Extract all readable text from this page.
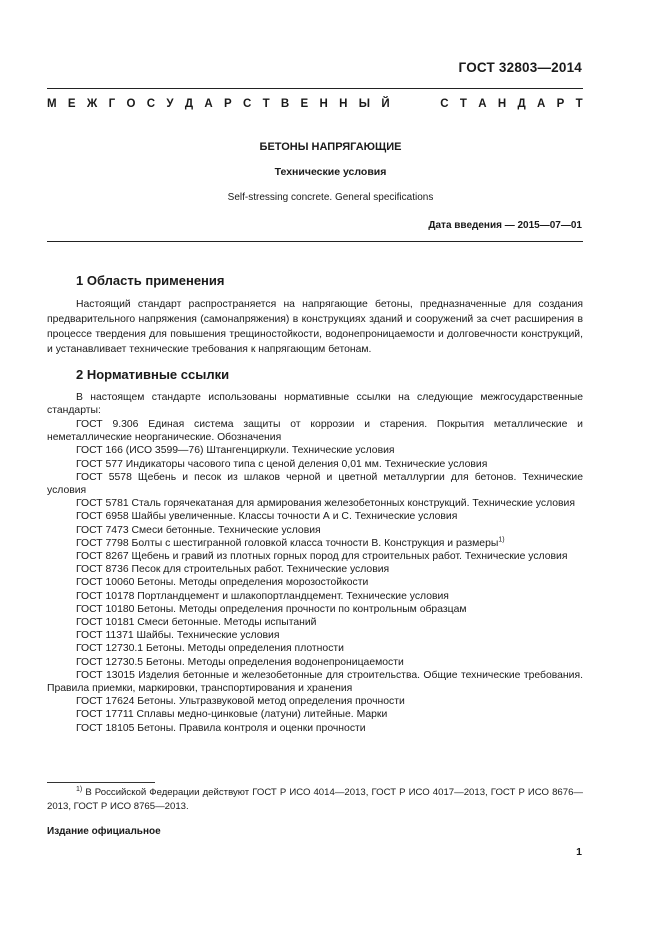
ГОСТ 32803—2014
М Е Ж Г О С У Д А Р С Т В Е Н Н Ы Й	С Т А Н Д А Р Т
БЕТОНЫ НАПРЯГАЮЩИЕ
Технические условия
Self-stressing concrete. General specifications
Дата введения — 2015—07—01
1 Область применения

Настоящий стандарт распространяется на напрягающие бетоны, предназначенные для создания предварительного напряжения (самонапряжения) в конструкциях зданий и сооружений за счет расширения в процессе твердения для повышения трещиностойкости, водонепроницаемости и долговечности конструкций, и устанавливает технические требования к напрягающим бетонам.

2 Нормативные ссылки

В настоящем стандарте использованы нормативные ссылки на следующие межгосударственные стандарты:

ГОСТ 9.306 Единая система защиты от коррозии и старения. Покрытия металлические и неметаллические неорганические. Обозначения
ГОСТ 166 (ИСО 3599—76) Штангенциркули. Технические условия
ГОСТ 577 Индикаторы часового типа с ценой деления 0,01 мм. Технические условия
ГОСТ 5578 Щебень и песок из шлаков черной и цветной металлургии для бетонов. Технические условия
ГОСТ 5781 Сталь горячекатаная для армирования железобетонных конструкций. Технические условия
ГОСТ 6958 Шайбы увеличенные. Классы точности А и С. Технические условия
ГОСТ 7473 Смеси бетонные. Технические условия
ГОСТ 7798 Болты с шестигранной головкой класса точности В. Конструкция и размеры$^{1)}$
ГОСТ 8267 Щебень и гравий из плотных горных пород для строительных работ. Технические условия
ГОСТ 8736 Песок для строительных работ. Технические условия
ГОСТ 10060 Бетоны. Методы определения морозостойкости
ГОСТ 10178 Портландцемент и шлакопортландцемент. Технические условия
ГОСТ 10180 Бетоны. Методы определения прочности по контрольным образцам
ГОСТ 10181 Смеси бетонные. Методы испытаний
ГОСТ 11371 Шайбы. Технические условия
ГОСТ 12730.1 Бетоны. Методы определения плотности
ГОСТ 12730.5 Бетоны. Методы определения водонепроницаемости
ГОСТ 13015 Изделия бетонные и железобетонные для строительства. Общие технические требования. Правила приемки, маркировки, транспортирования и хранения
ГОСТ 17624 Бетоны. Ультразвуковой метод определения прочности
ГОСТ 17711 Сплавы медно-цинковые (латуни) литейные. Марки
ГОСТ 18105 Бетоны. Правила контроля и оценки прочности

$^{1)}$ В Российской Федерации действуют ГОСТ Р ИСО 4014—2013, ГОСТ Р ИСО 4017—2013, ГОСТ Р ИСО 8676—2013, ГОСТ Р ИСО 8765—2013.

Издание официальное
1
